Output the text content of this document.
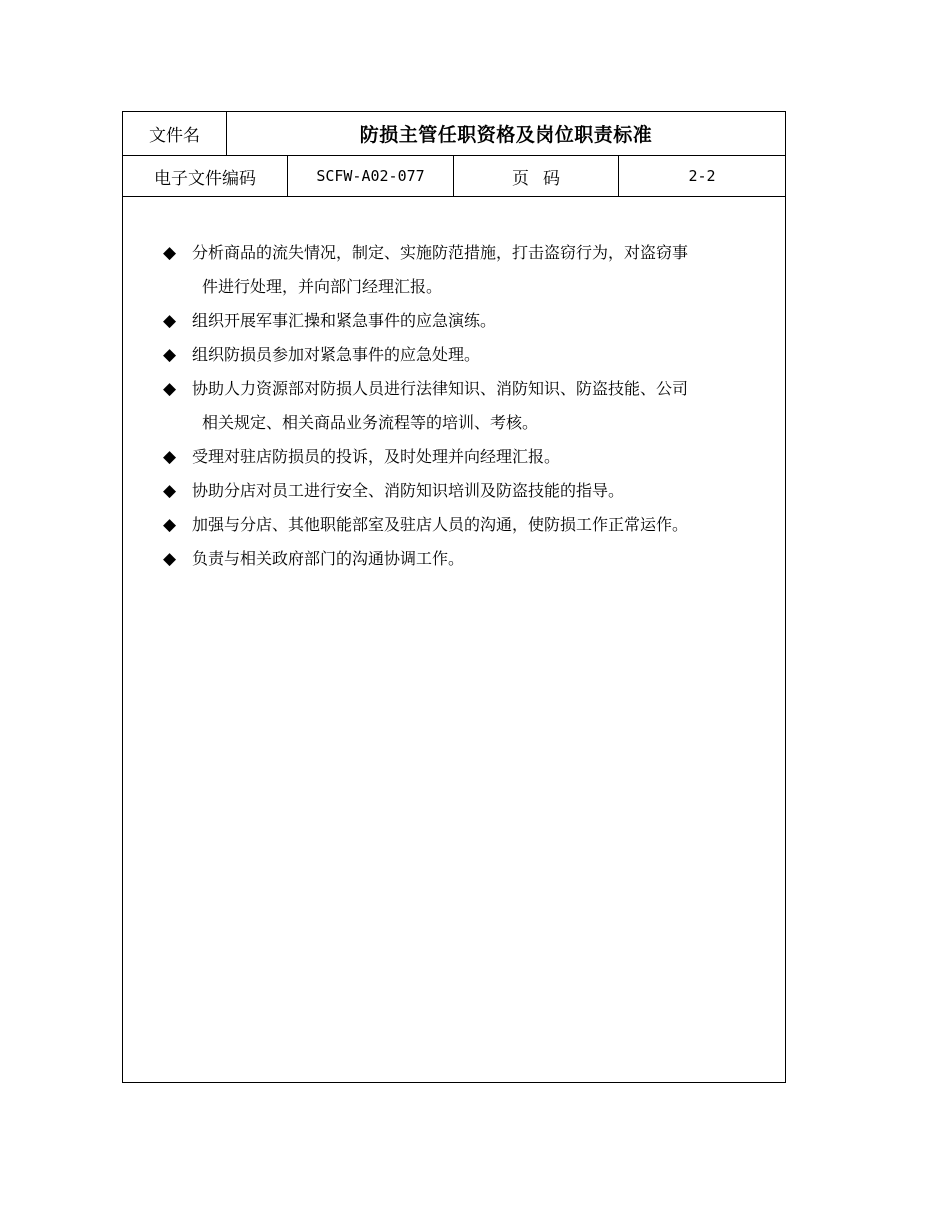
文件名	防损主管任职资格及岗位职责标准
电子文件编码	SCFW-A02-077	页码	2-2
◆ 分析商品的流失情况，制定、实施防范措施，打击盗窃行为，对盗窃事
件进行处理，并向部门经理汇报。
◆ 组织开展军事汇操和紧急事件的应急演练。
◆ 组织防损员参加对紧急事件的应急处理。
◆ 协助人力资源部对防损人员进行法律知识、消防知识、防盗技能、公司
相关规定、相关商品业务流程等的培训、考核。
◆ 受理对驻店防损员的投诉，及时处理并向经理汇报。
◆ 协助分店对员工进行安全、消防知识培训及防盗技能的指导。
◆ 加强与分店、其他职能部室及驻店人员的沟通，使防损工作正常运作。
◆ 负责与相关政府部门的沟通协调工作。
